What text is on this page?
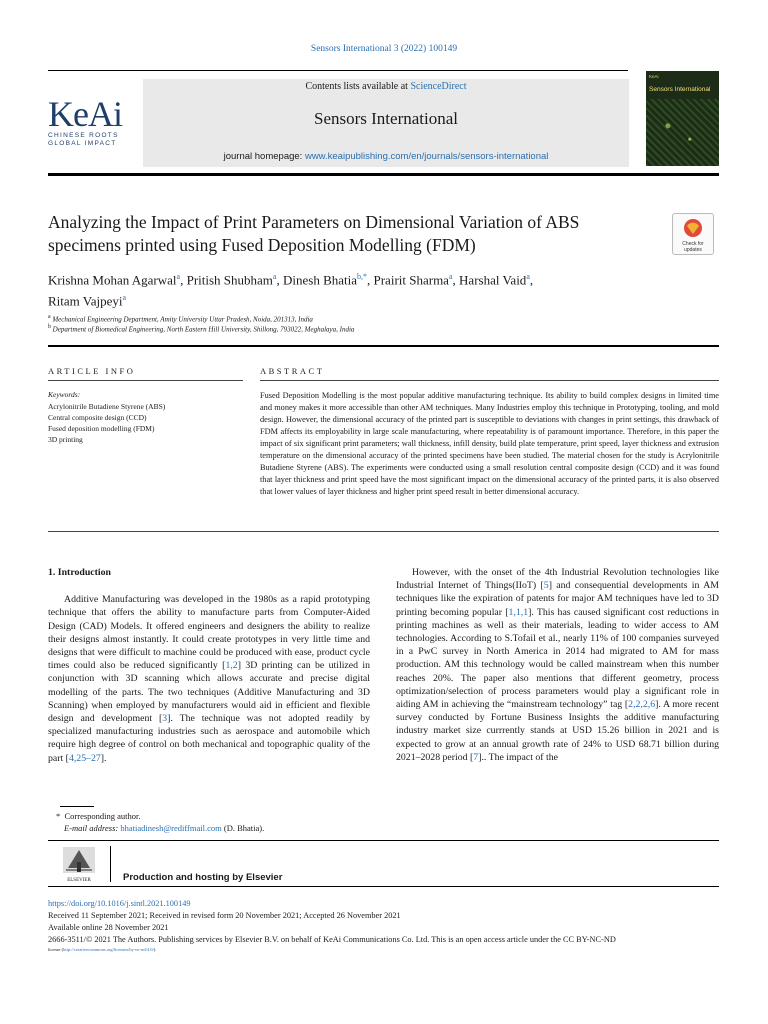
Sensors International 3 (2022) 100149
KeAi
CHINESE ROOTS
GLOBAL IMPACT
Contents lists available at ScienceDirect
Sensors International
journal homepage: www.keaipublishing.com/en/journals/sensors-international
KeAi
Sensors International
Analyzing the Impact of Print Parameters on Dimensional Variation of ABS specimens printed using Fused Deposition Modelling (FDM)	Check for
updates
Krishna Mohan Agarwal$^a$, Pritish Shubham$^a$, Dinesh Bhatia$^{b,*}$, Prairit Sharma$^a$, Harshal Vaid$^a$,
Ritam Vajpeyi$^a$
$^a$ Mechanical Engineering Department, Amity University Uttar Pradesh, Noida, 201313, India
$^b$ Department of Biomedical Engineering, North Eastern Hill University, Shillong, 793022, Meghalaya, India
ARTICLE INFO
Keywords:
Acrylonitrile Butadiene Styrene (ABS)
Central composite design (CCD)
Fused deposition modelling (FDM)
3D printing
ABSTRACT
Fused Deposition Modelling is the most popular additive manufacturing technique. Its ability to build complex designs in limited time and money makes it more accessible than other AM techniques. Many Industries employ this technique in Prototyping, tooling, and mold design. However, the dimensional accuracy of the printed part is susceptible to deviations with changes in print settings, this drawback of FDM affects its employability in large scale manufacturing, where repeatability is of paramount importance. Therefore, in this paper the impact of six significant print parameters; wall thickness, infill density, build plate temperature, print speed, layer thickness and extrusion temperature on the dimensional accuracy of the printed specimens have been studied. The material chosen for the study is Acrylonitrile Butadiene Styrene (ABS). The experiments were conducted using a small resolution central composite design (CCD) and it was found that layer thickness and print speed have the most significant impact on the dimensional accuracy of the printed parts, it is also observed that lower values of layer thickness and higher print speed result in better dimensional accuracy.
1. Introduction

Additive Manufacturing was developed in the 1980s as a rapid prototyping technique that offers the ability to manufacture parts from Computer-Aided Design (CAD) Models. It offered engineers and designers the ability to realize their designs almost instantly. It could create prototypes in very little time and designs that were difficult to machine could be produced with ease, product cycle times could also be reduced significantly [1,2] 3D printing can be utilized in conjunction with 3D scanning which allows accurate and precise digital modelling of the parts. The two techniques (Additive Manufacturing and 3D Scanning) when employed by manufacturers would aid in efficient and flexible design and development [3]. The technique was not adopted readily by specialized manufacturing industries such as aerospace and automobile which require high degree of control on both mechanical and topographic quality of the part [4,25–27].

However, with the onset of the 4th Industrial Revolution technologies like Industrial Internet of Things(IIoT) [5] and consequential developments in AM techniques like the expiration of patents for major AM techniques have led to 3D printing becoming popular [1,1,1]. This has caused significant cost reductions in printing machines as well as their materials, leading to wider access to AM technologies. According to S.Tofail et al., nearly 11% of 100 companies surveyed in a PwC survey in North America in 2014 had migrated to AM for mass production. AM this technology would be called mainstream when this number reaches 20%. The paper also mentions that different geometry, process optimization/selection of process parameters would play a significant role in aiding AM in achieving the “mainstream technology” tag [2,2,2,6]. A more recent survey conducted by Fortune Business Insights the additive manufacturing industry market size currrently stands at USD 15.26 billion in 2021 and is expected to grow at an annual growth rate of 24% to USD 68.71 billion during 2021–2028 period [7].. The impact of the

* Corresponding author.
E-mail address: bhatiadinesh@rediffmail.com (D. Bhatia).
ELSEVIER	Production and hosting by Elsevier
https://doi.org/10.1016/j.sintl.2021.100149
Received 11 September 2021; Received in revised form 20 November 2021; Accepted 26 November 2021
Available online 28 November 2021
2666-3511/© 2021 The Authors. Publishing services by Elsevier B.V. on behalf of KeAi Communications Co. Ltd. This is an open access article under the CC BY-NC-ND
license (http://creativecommons.org/licenses/by-nc-nd/4.0/).
